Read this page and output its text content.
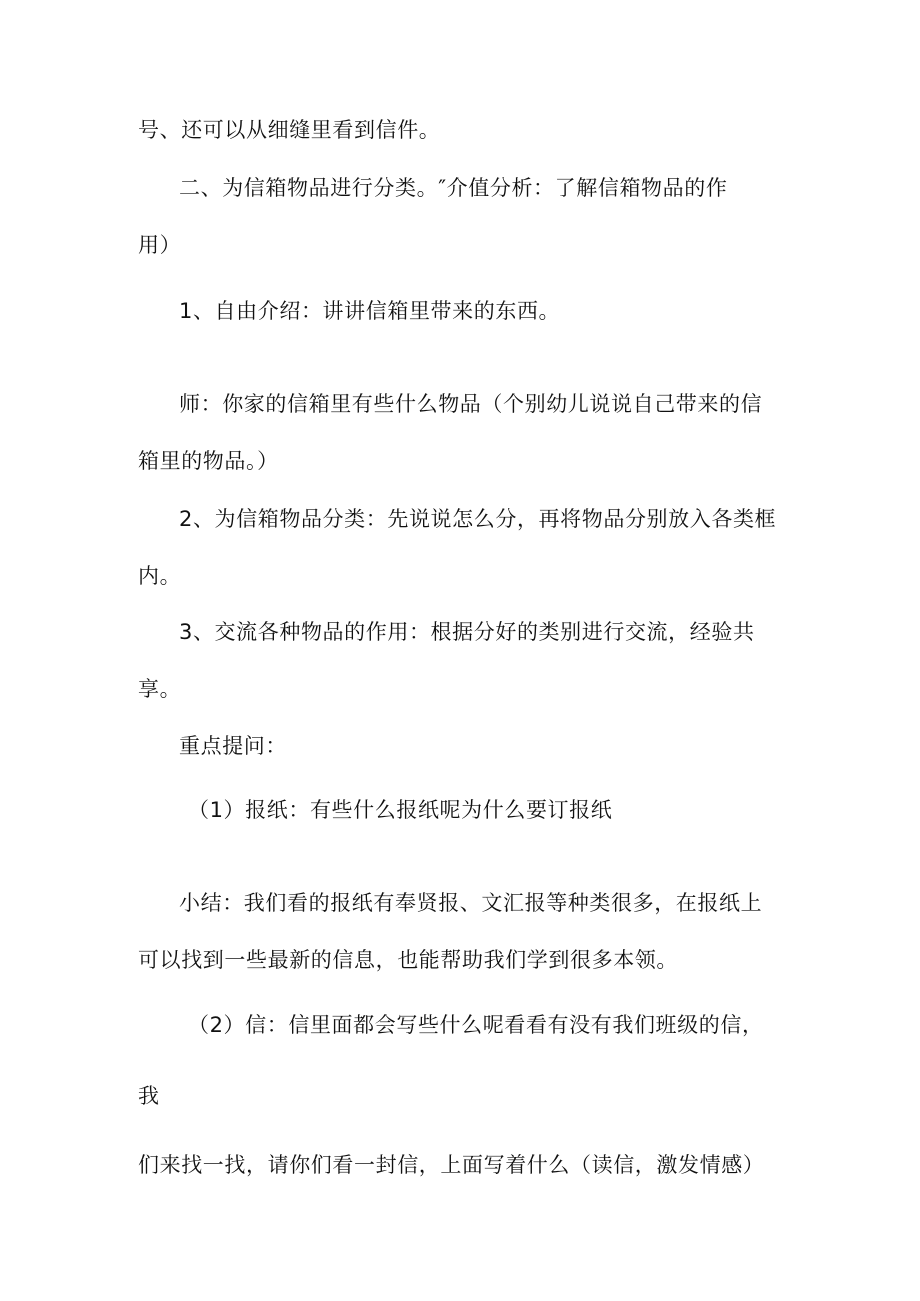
号、还可以从细缝里看到信件。
二、为信箱物品进行分类。″介值分析：了解信箱物品的作
用）
1、自由介绍：讲讲信箱里带来的东西。
师：你家的信箱里有些什么物品（个别幼儿说说自己带来的信
箱里的物品。）
2、为信箱物品分类：先说说怎么分，再将物品分别放入各类框
内。
3、交流各种物品的作用：根据分好的类别进行交流，经验共
享。
重点提问：
（1）报纸：有些什么报纸呢为什么要订报纸
小结：我们看的报纸有奉贤报、文汇报等种类很多，在报纸上
可以找到一些最新的信息，也能帮助我们学到很多本领。
（2）信：信里面都会写些什么呢看看有没有我们班级的信，
我
们来找一找，请你们看一封信，上面写着什么（读信，激发情感）
